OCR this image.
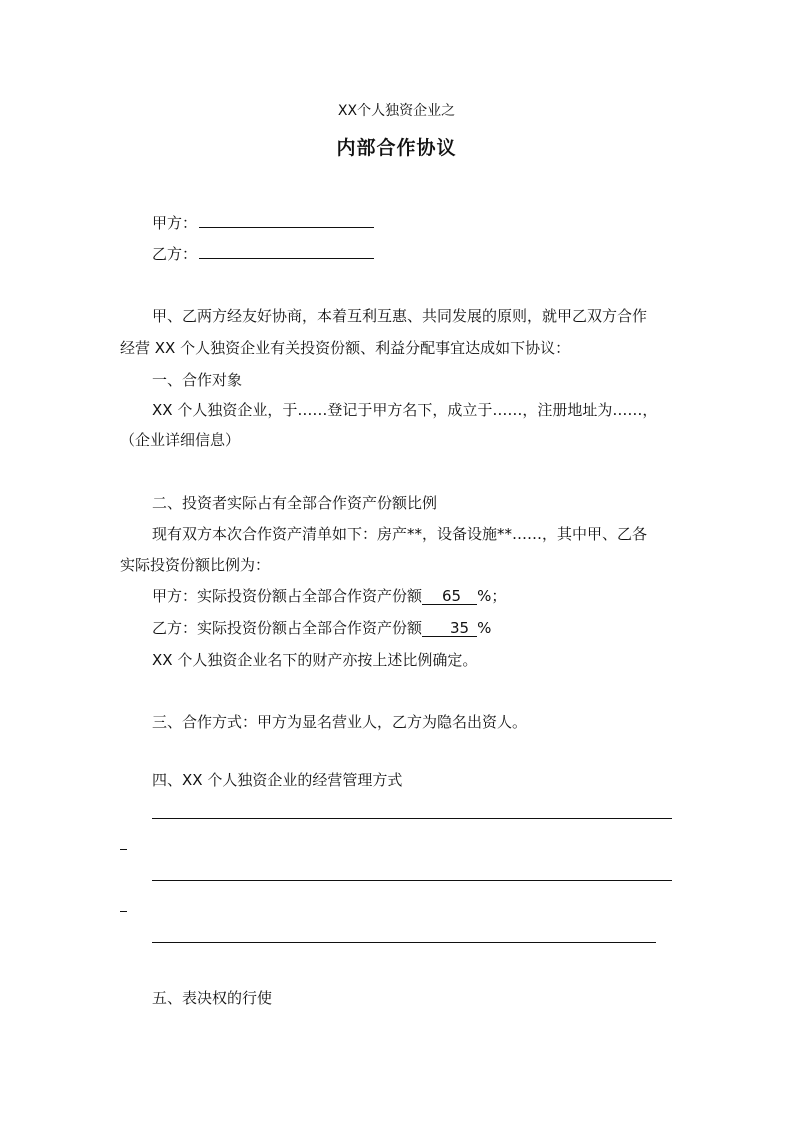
XX个人独资企业之
内部合作协议
甲方：
乙方：
甲、乙两方经友好协商，本着互利互惠、共同发展的原则，就甲乙双方合作
经营 XX 个人独资企业有关投资份额、利益分配事宜达成如下协议：
一、合作对象
XX 个人独资企业，于……登记于甲方名下，成立于……，注册地址为……，
（企业详细信息）
二、投资者实际占有全部合作资产份额比例
现有双方本次合作资产清单如下：房产**，设备设施**……，其中甲、乙各
实际投资份额比例为：
甲方：实际投资份额占全部合作资产份额 65 %；
乙方：实际投资份额占全部合作资产份额 35 %
XX 个人独资企业名下的财产亦按上述比例确定。
三、合作方式：甲方为显名营业人，乙方为隐名出资人。
四、XX 个人独资企业的经营管理方式
五、表决权的行使
